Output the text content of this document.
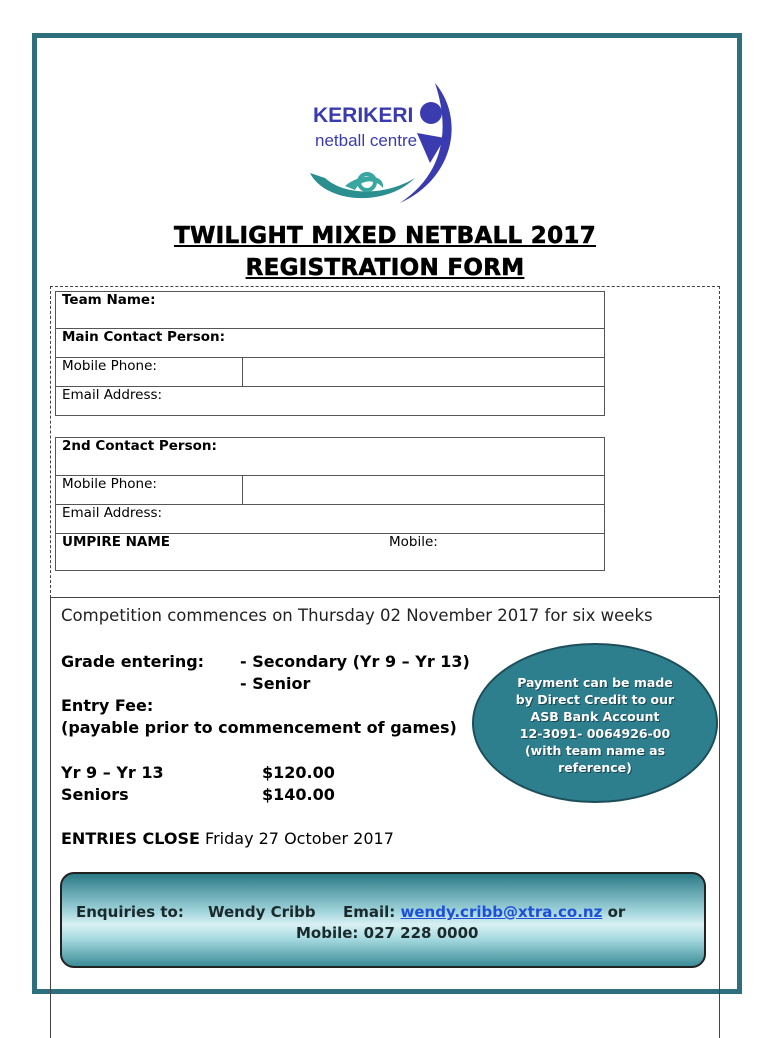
KERIKERI
netball centre
TWILIGHT MIXED NETBALL 2017
REGISTRATION FORM
Team Name:
Main Contact Person:
Mobile Phone:	
Email Address:
2nd Contact Person:
Mobile Phone:	
Email Address:
UMPIRE NAME	Mobile:
Competition commences on Thursday 02 November 2017 for six weeks
Grade entering: - Secondary (Yr 9 – Yr 13)
- Senior
Entry Fee:
(payable prior to commencement of games)
Yr 9 – Yr 13	$120.00
Seniors	$140.00
Payment can be made
by Direct Credit to our
ASB Bank Account
12-3091- 0064926-00
(with team name as
reference)
ENTRIES CLOSE Friday 27 October 2017
Enquiries to: Wendy Cribb Email: wendy.cribb@xtra.co.nz or
Mobile: 027 228 0000
